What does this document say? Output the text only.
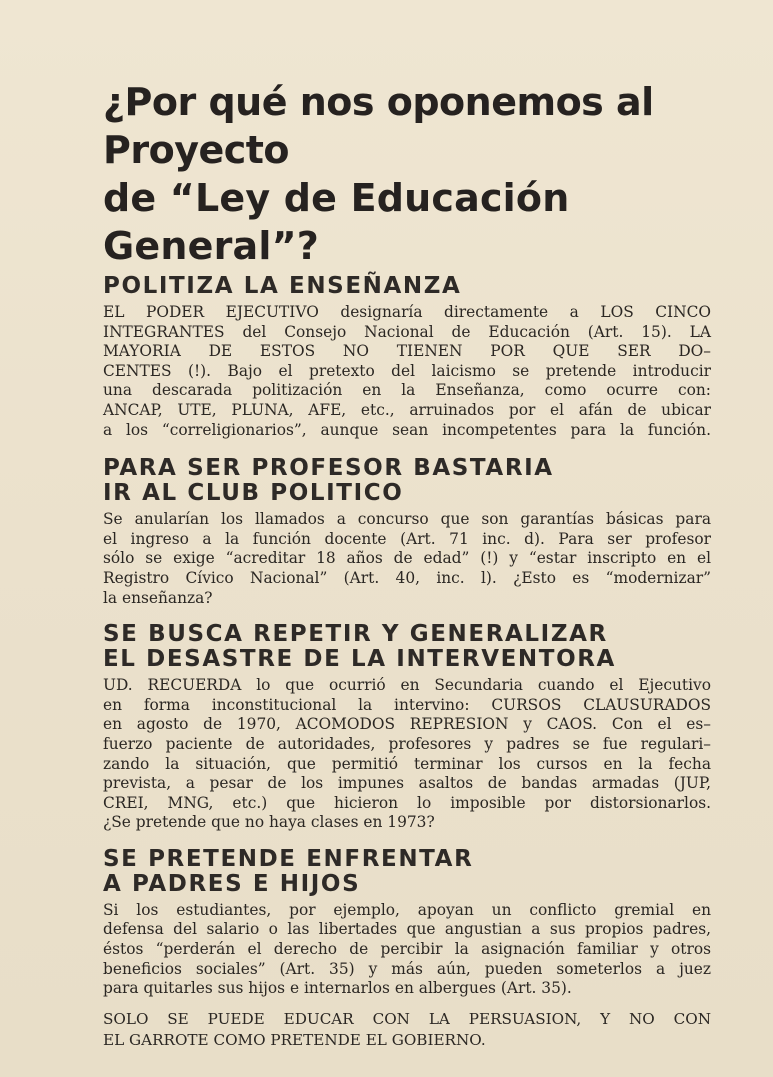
¿Por qué nos oponemos al Proyecto
de “Ley de Educación General”?
POLITIZA LA ENSEÑANZA
EL PODER EJECUTIVO designaría directamente a LOS CINCO
INTEGRANTES del Consejo Nacional de Educación (Art. 15). LA
MAYORIA DE ESTOS NO TIENEN POR QUE SER DO–
CENTES (!). Bajo el pretexto del laicismo se pretende introducir
una descarada politización en la Enseñanza, como ocurre con:
ANCAP, UTE, PLUNA, AFE, etc., arruinados por el afán de ubicar
a los “correligionarios”, aunque sean incompetentes para la función.
PARA SER PROFESOR BASTARIA
IR AL CLUB POLITICO
Se anularían los llamados a concurso que son garantías básicas para
el ingreso a la función docente (Art. 71 inc. d). Para ser profesor
sólo se exige “acreditar 18 años de edad” (!) y “estar inscripto en el
Registro Cívico Nacional” (Art. 40, inc. l). ¿Esto es “modernizar”
la enseñanza?
SE BUSCA REPETIR Y GENERALIZAR
EL DESASTRE DE LA INTERVENTORA
UD. RECUERDA lo que ocurrió en Secundaria cuando el Ejecutivo
en forma inconstitucional la intervino: CURSOS CLAUSURADOS
en agosto de 1970, ACOMODOS REPRESION y CAOS. Con el es–
fuerzo paciente de autoridades, profesores y padres se fue regulari–
zando la situación, que permitió terminar los cursos en la fecha
prevista, a pesar de los impunes asaltos de bandas armadas (JUP,
CREI, MNG, etc.) que hicieron lo imposible por distorsionarlos.
¿Se pretende que no haya clases en 1973?
SE PRETENDE ENFRENTAR
A PADRES E HIJOS
Si los estudiantes, por ejemplo, apoyan un conflicto gremial en
defensa del salario o las libertades que angustian a sus propios padres,
éstos “perderán el derecho de percibir la asignación familiar y otros
beneficios sociales” (Art. 35) y más aún, pueden someterlos a juez
para quitarles sus hijos e internarlos en albergues (Art. 35).
SOLO SE PUEDE EDUCAR CON LA PERSUASION, Y NO CON
EL GARROTE COMO PRETENDE EL GOBIERNO.
